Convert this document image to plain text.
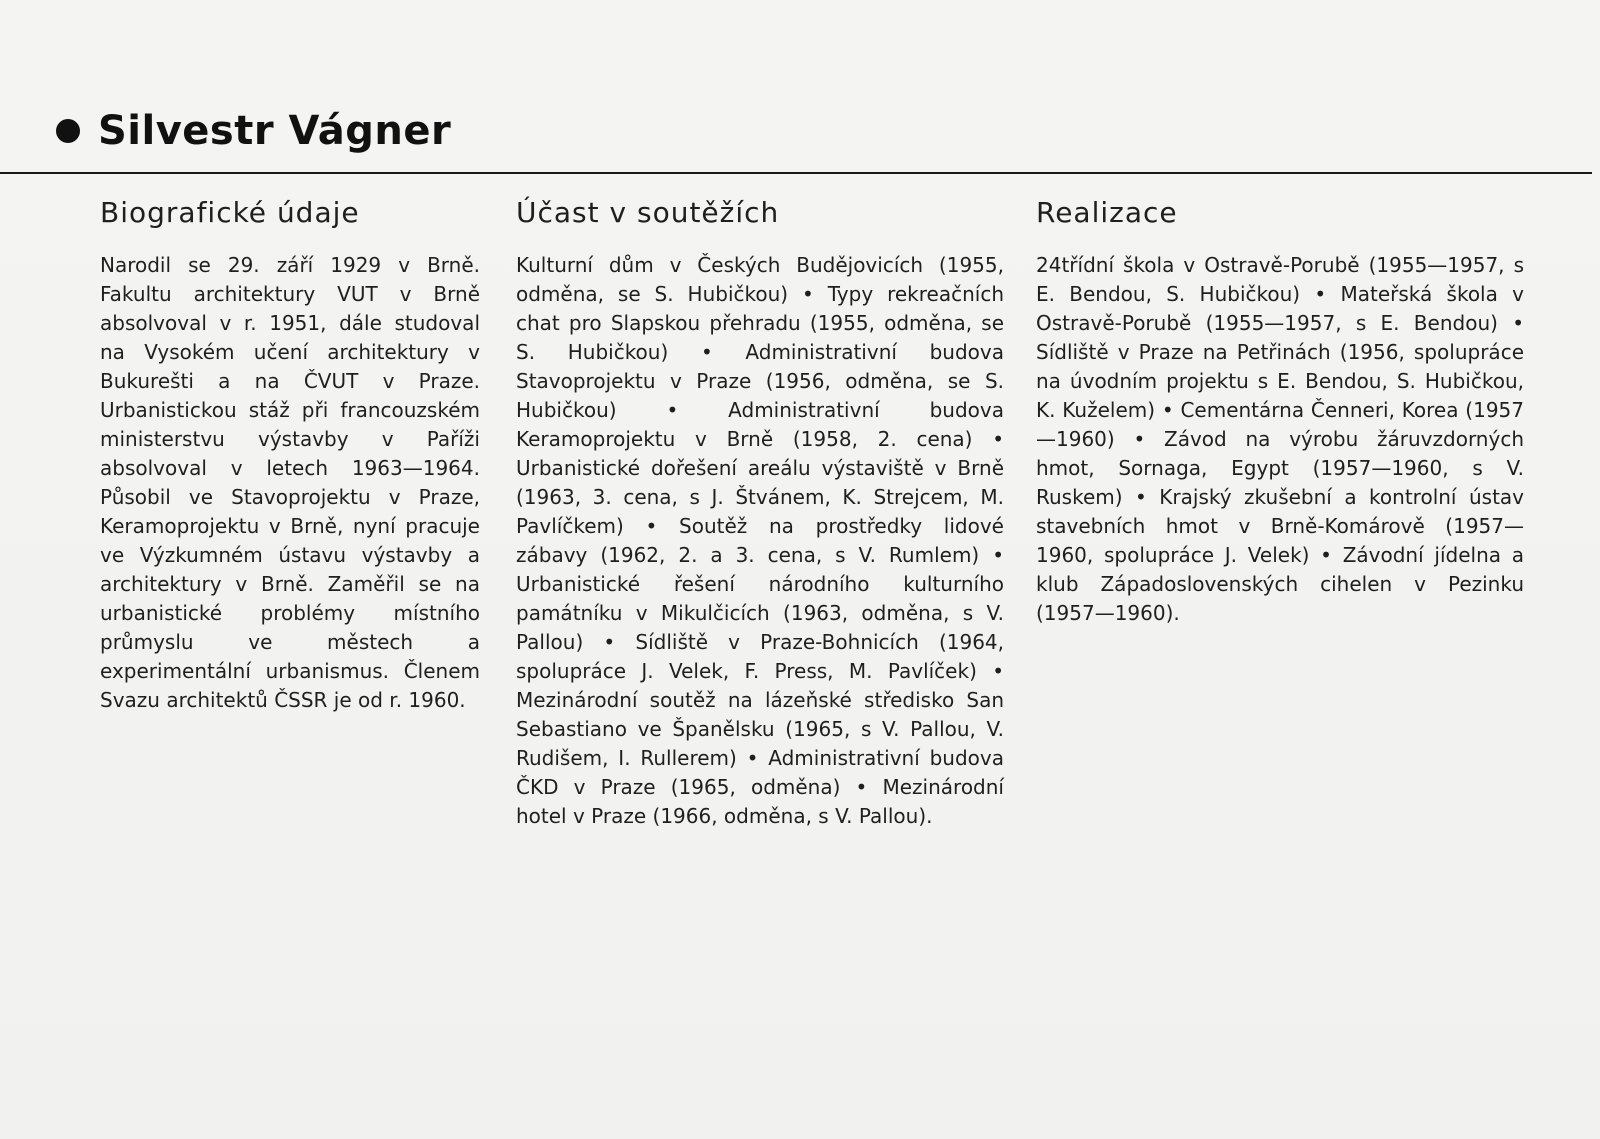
Silvestr Vágner
Biografické údaje

Narodil se 29. září 1929 v Brně. Fakultu architektury VUT v Brně absolvoval v r. 1951, dále studoval na Vysokém učení architektury v Bukurešti a na ČVUT v Praze. Urbanistickou stáž při francouzském ministerstvu výstavby v Paříži absolvoval v letech 1963—1964. Působil ve Stavoprojektu v Praze, Keramoprojektu v Brně, nyní pracuje ve Výzkumném ústavu výstavby a architektury v Brně. Zaměřil se na urbanistické problémy místního průmyslu ve městech a experimentální urbanismus. Členem Svazu architektů ČSSR je od r. 1960.

Účast v soutěžích

Kulturní dům v Českých Budějovicích (1955, odměna, se S. Hubičkou) • Typy rekreačních chat pro Slapskou přehradu (1955, odměna, se S. Hubičkou) • Administrativní budova Stavoprojektu v Praze (1956, odměna, se S. Hubičkou) • Administrativní budova Keramoprojektu v Brně (1958, 2. cena) • Urbanistické dořešení areálu výstaviště v Brně (1963, 3. cena, s J. Štvánem, K. Strejcem, M. Pavlíčkem) • Soutěž na prostředky lidové zábavy (1962, 2. a 3. cena, s V. Rumlem) • Urbanistické řešení národního kulturního památníku v Mikulčicích (1963, odměna, s V. Pallou) • Sídliště v Praze-Bohnicích (1964, spolupráce J. Velek, F. Press, M. Pavlíček) • Mezinárodní soutěž na lázeňské středisko San Sebastiano ve Španělsku (1965, s V. Pallou, V. Rudišem, I. Rullerem) • Administrativní budova ČKD v Praze (1965, odměna) • Mezinárodní hotel v Praze (1966, odměna, s V. Pallou).

Realizace

24třídní škola v Ostravě-Porubě (1955—1957, s E. Bendou, S. Hubičkou) • Mateřská škola v Ostravě-Porubě (1955—1957, s E. Bendou) • Sídliště v Praze na Petřinách (1956, spolupráce na úvodním projektu s E. Bendou, S. Hubičkou, K. Kuželem) • Cementárna Čenneri, Korea (1957—1960) • Závod na výrobu žáruvzdorných hmot, Sornaga, Egypt (1957—1960, s V. Ruskem) • Krajský zkušební a kontrolní ústav stavebních hmot v Brně-Komárově (1957—1960, spolupráce J. Velek) • Závodní jídelna a klub Západoslovenských cihelen v Pezinku (1957—1960).
